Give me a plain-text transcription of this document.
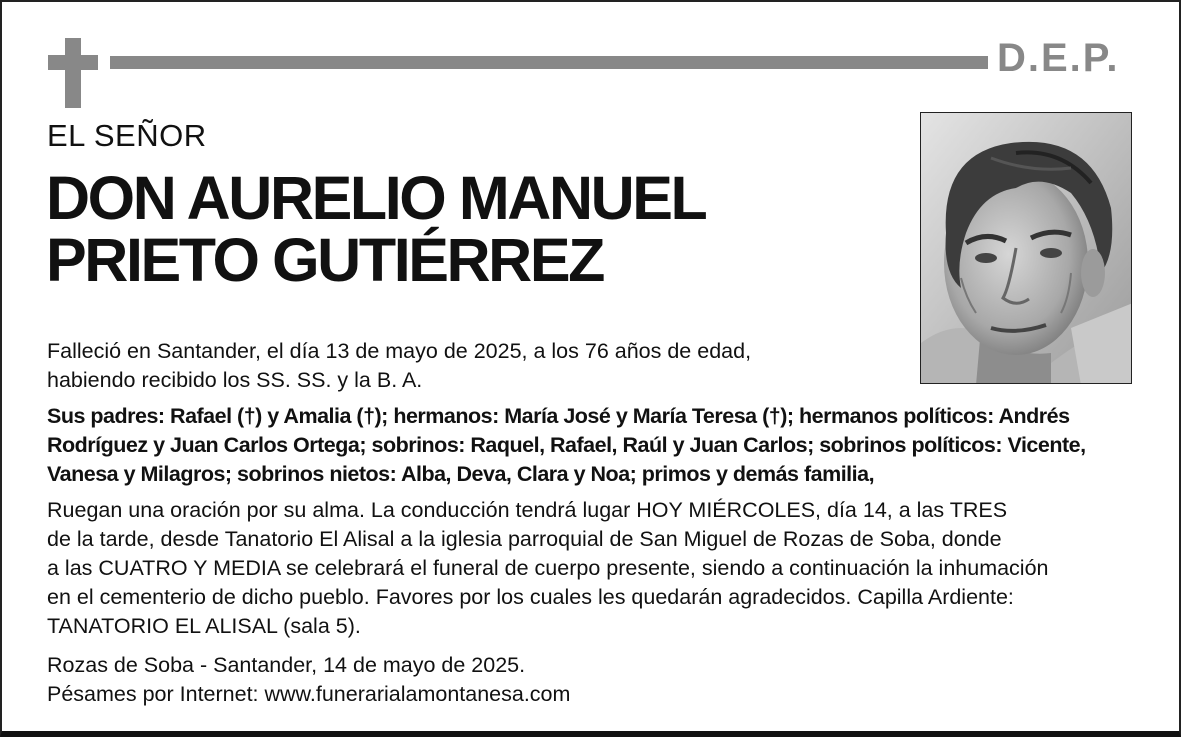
D.E.P.
EL SEÑOR
DON AURELIO MANUEL
PRIETO GUTIÉRREZ
Falleció en Santander, el día 13 de mayo de 2025, a los 76 años de edad,
habiendo recibido los SS. SS. y la B. A.
Sus padres: Rafael (†) y Amalia (†); hermanos: María José y María Teresa (†); hermanos políticos: Andrés
Rodríguez y Juan Carlos Ortega; sobrinos: Raquel, Rafael, Raúl y Juan Carlos; sobrinos políticos: Vicente,
Vanesa y Milagros; sobrinos nietos: Alba, Deva, Clara y Noa; primos y demás familia,
Ruegan una oración por su alma. La conducción tendrá lugar HOY MIÉRCOLES, día 14, a las TRES
de la tarde, desde Tanatorio El Alisal a la iglesia parroquial de San Miguel de Rozas de Soba, donde
a las CUATRO Y MEDIA se celebrará el funeral de cuerpo presente, siendo a continuación la inhumación
en el cementerio de dicho pueblo. Favores por los cuales les quedarán agradecidos. Capilla Ardiente:
TANATORIO EL ALISAL (sala 5).
Rozas de Soba - Santander, 14 de mayo de 2025.
Pésames por Internet: www.funerarialamontanesa.com
